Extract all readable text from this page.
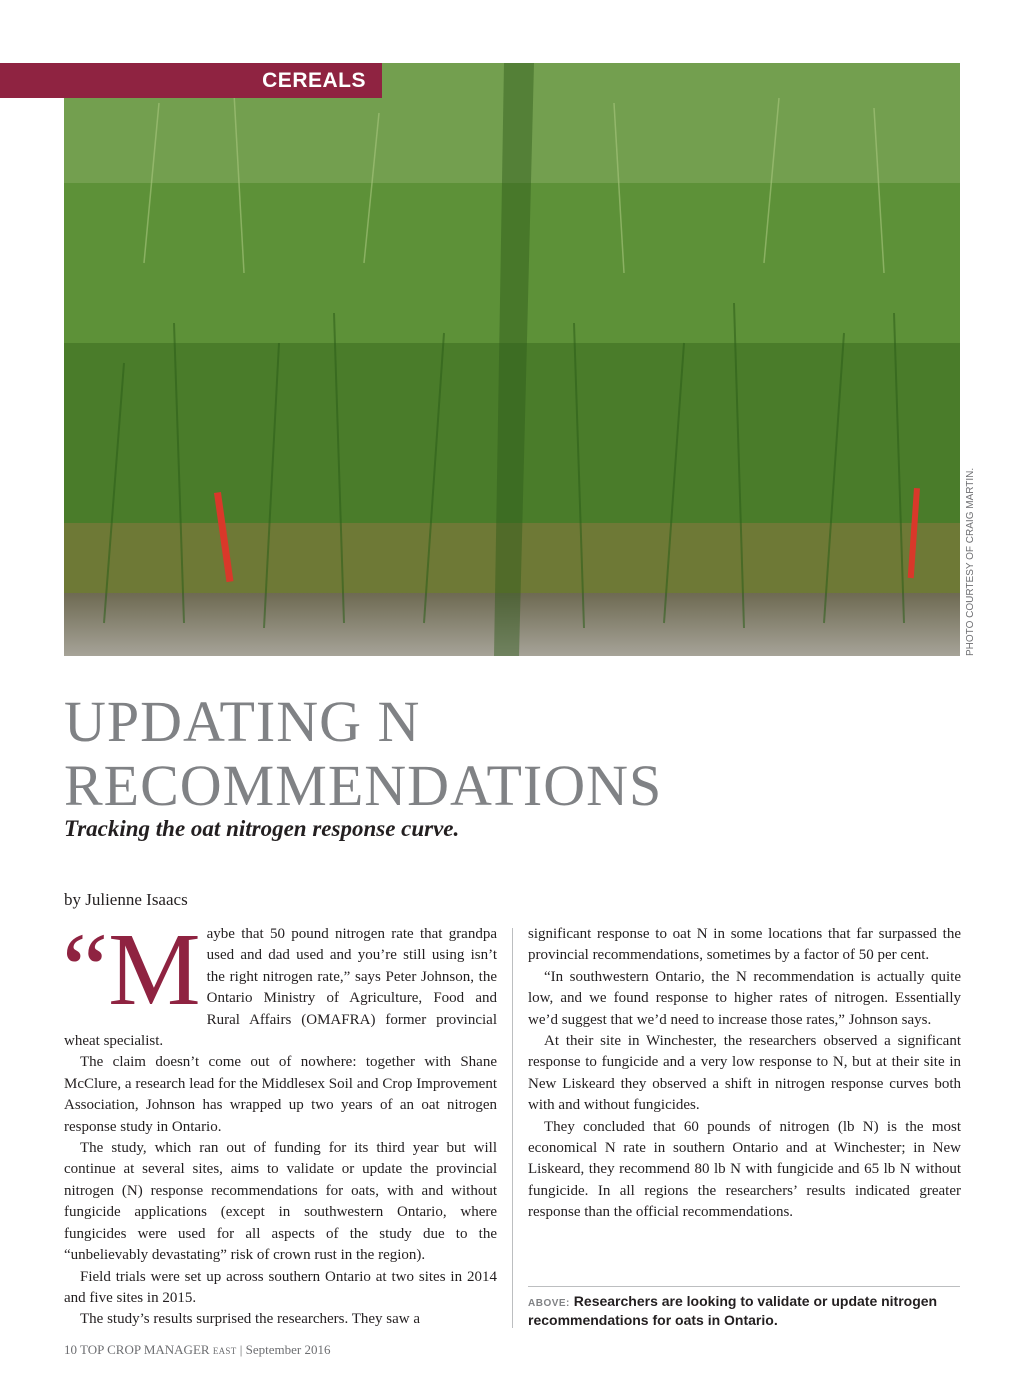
CEREALS
PHOTO COURTESY OF CRAIG MARTIN.
UPDATING N
RECOMMENDATIONS
Tracking the oat nitrogen response curve.
by Julienne Isaacs

“Maybe that 50 pound nitrogen rate that grandpa used and dad used and you’re still using isn’t the right nitrogen rate,” says Peter Johnson, the Ontario Ministry of Agriculture, Food and Rural Affairs (OMAFRA) former provincial wheat specialist.

The claim doesn’t come out of nowhere: together with Shane McClure, a research lead for the Middlesex Soil and Crop Improvement Association, Johnson has wrapped up two years of an oat nitrogen response study in Ontario.

The study, which ran out of funding for its third year but will continue at several sites, aims to validate or update the provincial nitrogen (N) response recommendations for oats, with and without fungicide applications (except in southwestern Ontario, where fungicides were used for all aspects of the study due to the “unbelievably devastating” risk of crown rust in the region).

Field trials were set up across southern Ontario at two sites in 2014 and five sites in 2015.

The study’s results surprised the researchers. They saw a

significant response to oat N in some locations that far surpassed the provincial recommendations, sometimes by a factor of 50 per cent.

“In southwestern Ontario, the N recommendation is actually quite low, and we found response to higher rates of nitrogen. Essentially we’d suggest that we’d need to increase those rates,” Johnson says.

At their site in Winchester, the researchers observed a significant response to fungicide and a very low response to N, but at their site in New Liskeard they observed a shift in nitrogen response curves both with and without fungicides.

They concluded that 60 pounds of nitrogen (lb N) is the most economical N rate in southern Ontario and at Winchester; in New Liskeard, they recommend 80 lb N with fungicide and 65 lb N without fungicide. In all regions the researchers’ results indicated greater response than the official recommendations.

ABOVE: Researchers are looking to validate or update nitrogen recommendations for oats in Ontario.
10 TOP CROP MANAGER EAST | September 2016
